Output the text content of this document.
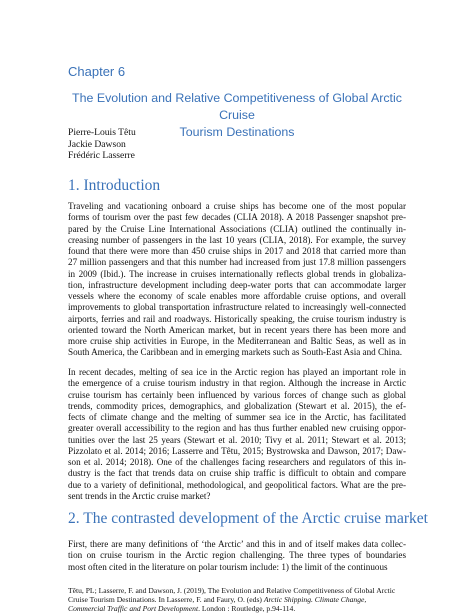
Chapter 6
The Evolution and Relative Competitiveness of Global Arctic Cruise
Tourism Destinations
Pierre-Louis Têtu
Jackie Dawson
Frédéric Lasserre
1. Introduction
Traveling and vacationing onboard a cruise ships has become one of the most popular
forms of tourism over the past few decades (CLIA 2018). A 2018 Passenger snapshot pre-
pared by the Cruise Line International Associations (CLIA) outlined the continually in-
creasing number of passengers in the last 10 years (CLIA, 2018). For example, the survey
found that there were more than 450 cruise ships in 2017 and 2018 that carried more than
27 million passengers and that this number had increased from just 17.8 million passengers
in 2009 (Ibid.). The increase in cruises internationally reflects global trends in globaliza-
tion, infrastructure development including deep-water ports that can accommodate larger
vessels where the economy of scale enables more affordable cruise options, and overall
improvements to global transportation infrastructure related to increasingly well-connected
airports, ferries and rail and roadways. Historically speaking, the cruise tourism industry is
oriented toward the North American market, but in recent years there has been more and
more cruise ship activities in Europe, in the Mediterranean and Baltic Seas, as well as in
South America, the Caribbean and in emerging markets such as South-East Asia and China.
In recent decades, melting of sea ice in the Arctic region has played an important role in
the emergence of a cruise tourism industry in that region. Although the increase in Arctic
cruise tourism has certainly been influenced by various forces of change such as global
trends, commodity prices, demographics, and globalization (Stewart et al. 2015), the ef-
fects of climate change and the melting of summer sea ice in the Arctic, has facilitated
greater overall accessibility to the region and has thus further enabled new cruising oppor-
tunities over the last 25 years (Stewart et al. 2010; Tivy et al. 2011; Stewart et al. 2013;
Pizzolato et al. 2014; 2016; Lasserre and Têtu, 2015; Bystrowska and Dawson, 2017; Daw-
son et al. 2014; 2018). One of the challenges facing researchers and regulators of this in-
dustry is the fact that trends data on cruise ship traffic is difficult to obtain and compare
due to a variety of definitional, methodological, and geopolitical factors. What are the pre-
sent trends in the Arctic cruise market?
2. The contrasted development of the Arctic cruise market
First, there are many definitions of ‘the Arctic’ and this in and of itself makes data collec-
tion on cruise tourism in the Arctic region challenging. The three types of boundaries
most often cited in the literature on polar tourism include: 1) the limit of the continuous
Têtu, PL; Lasserre, F. and Dawson, J. (2019), The Evolution and Relative Competitiveness of Global Arctic
Cruise Tourism Destinations. In Lasserre, F. and Faury, O. (eds) Arctic Shipping. Climate Change,
Commercial Traffic and Port Development. London : Routledge, p.94-114.
